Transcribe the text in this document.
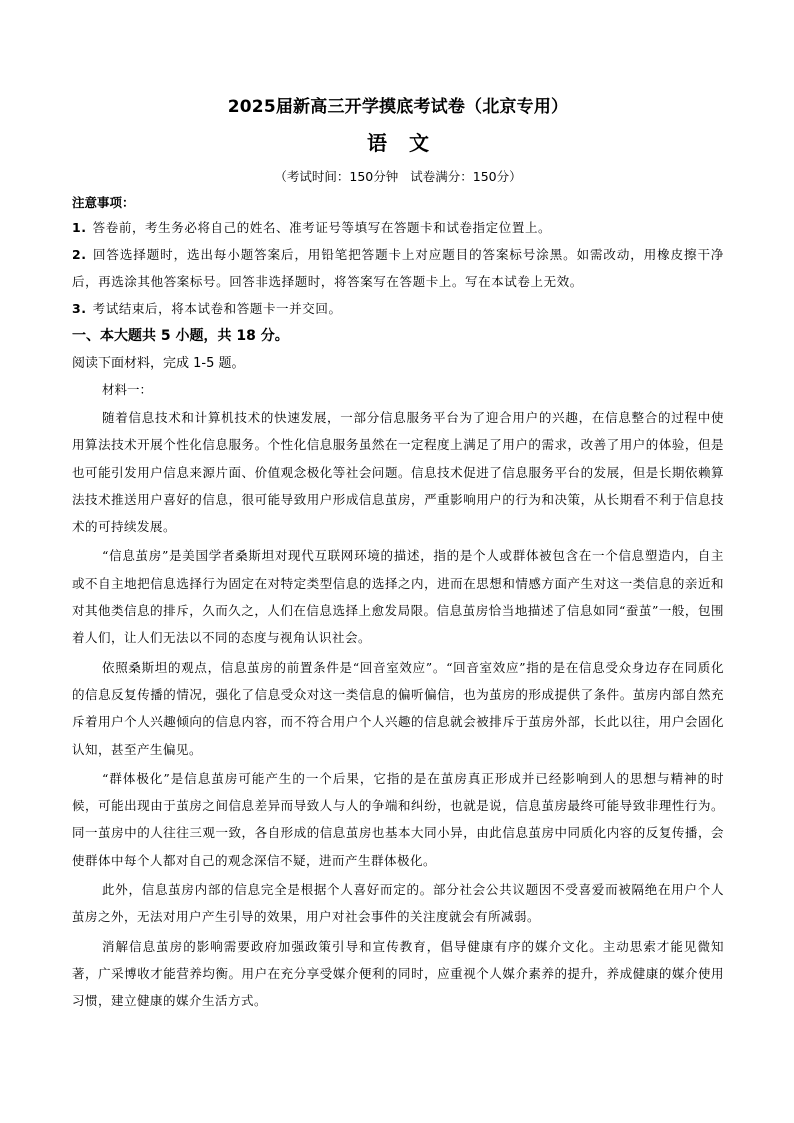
2025届新高三开学摸底考试卷（北京专用）
语 文
（考试时间：150分钟 试卷满分：150分）
注意事项：
1. 答卷前，考生务必将自己的姓名、准考证号等填写在答题卡和试卷指定位置上。
2. 回答选择题时，选出每小题答案后，用铅笔把答题卡上对应题目的答案标号涂黑。如需改动，用橡皮擦干净后，再选涂其他答案标号。回答非选择题时，将答案写在答题卡上。写在本试卷上无效。
3. 考试结束后，将本试卷和答题卡一并交回。
一、本大题共 5 小题，共 18 分。
阅读下面材料，完成 1-5 题。
材料一：

随着信息技术和计算机技术的快速发展，一部分信息服务平台为了迎合用户的兴趣，在信息整合的过程中使用算法技术开展个性化信息服务。个性化信息服务虽然在一定程度上满足了用户的需求，改善了用户的体验，但是也可能引发用户信息来源片面、价值观念极化等社会问题。信息技术促进了信息服务平台的发展，但是长期依赖算法技术推送用户喜好的信息，很可能导致用户形成信息茧房，严重影响用户的行为和决策，从长期看不利于信息技术的可持续发展。

“信息茧房”是美国学者桑斯坦对现代互联网环境的描述，指的是个人或群体被包含在一个信息塑造内，自主或不自主地把信息选择行为固定在对特定类型信息的选择之内，进而在思想和情感方面产生对这一类信息的亲近和对其他类信息的排斥，久而久之，人们在信息选择上愈发局限。信息茧房恰当地描述了信息如同“蚕茧”一般，包围着人们，让人们无法以不同的态度与视角认识社会。

依照桑斯坦的观点，信息茧房的前置条件是“回音室效应”。“回音室效应”指的是在信息受众身边存在同质化的信息反复传播的情况，强化了信息受众对这一类信息的偏听偏信，也为茧房的形成提供了条件。茧房内部自然充斥着用户个人兴趣倾向的信息内容，而不符合用户个人兴趣的信息就会被排斥于茧房外部，长此以往，用户会固化认知，甚至产生偏见。

“群体极化”是信息茧房可能产生的一个后果，它指的是在茧房真正形成并已经影响到人的思想与精神的时候，可能出现由于茧房之间信息差异而导致人与人的争端和纠纷，也就是说，信息茧房最终可能导致非理性行为。同一茧房中的人往往三观一致，各自形成的信息茧房也基本大同小异，由此信息茧房中同质化内容的反复传播，会使群体中每个人都对自己的观念深信不疑，进而产生群体极化。

此外，信息茧房内部的信息完全是根据个人喜好而定的。部分社会公共议题因不受喜爱而被隔绝在用户个人茧房之外，无法对用户产生引导的效果，用户对社会事件的关注度就会有所减弱。

消解信息茧房的影响需要政府加强政策引导和宣传教育，倡导健康有序的媒介文化。主动思索才能见微知著，广采博收才能营养均衡。用户在充分享受媒介便利的同时，应重视个人媒介素养的提升，养成健康的媒介使用习惯，建立健康的媒介生活方式。
